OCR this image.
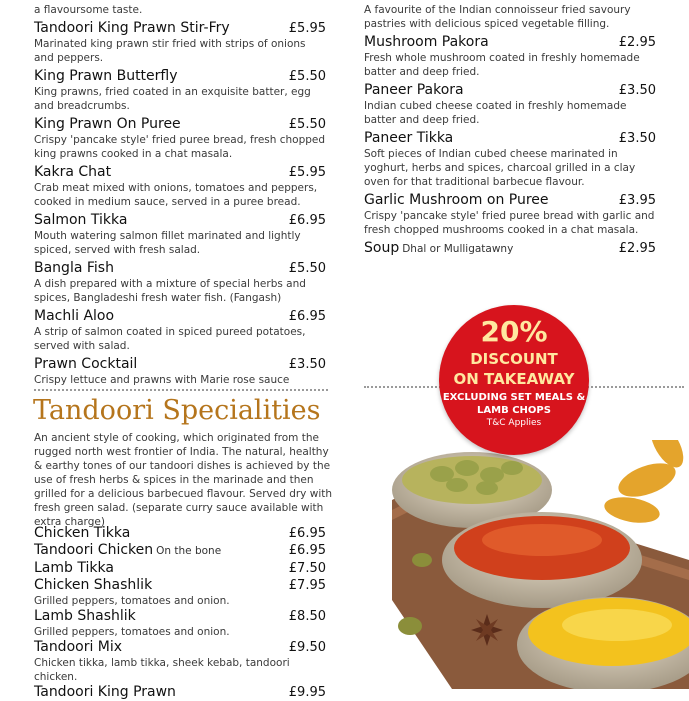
a flavoursome taste.
Tandoori King Prawn Stir-Fry	£5.95
Marinated king prawn stir fried with strips of onions and peppers.
King Prawn Butterfly	£5.50
King prawns, fried coated in an exquisite batter, egg and breadcrumbs.
King Prawn On Puree	£5.50
Crispy 'pancake style' fried puree bread, fresh chopped king prawns cooked in a chat masala.
Kakra Chat	£5.95
Crab meat mixed with onions, tomatoes and peppers, cooked in medium sauce, served in a puree bread.
Salmon Tikka	£6.95
Mouth watering salmon fillet marinated and lightly spiced, served with fresh salad.
Bangla Fish	£5.50
A dish prepared with a mixture of special herbs and spices, Bangladeshi fresh water fish. (Fangash)
Machli Aloo	£6.95
A strip of salmon coated in spiced pureed potatoes, served with salad.
Prawn Cocktail	£3.50
Crispy lettuce and prawns with Marie rose sauce
A favourite of the Indian connoisseur fried savoury pastries with delicious spiced vegetable filling.
Mushroom Pakora	£2.95
Fresh whole mushroom coated in freshly homemade batter and deep fried.
Paneer Pakora	£3.50
Indian cubed cheese coated in freshly homemade batter and deep fried.
Paneer Tikka	£3.50
Soft pieces of Indian cubed cheese marinated in yoghurt, herbs and spices, charcoal grilled in a clay oven for that traditional barbecue flavour.
Garlic Mushroom on Puree	£3.95
Crispy 'pancake style' fried puree bread with garlic and fresh chopped mushrooms cooked in a chat masala.
Soup Dhal or Mulligatawny	£2.95
Tandoori Specialities
An ancient style of cooking, which originated from the rugged north west frontier of India. The natural, healthy & earthy tones of our tandoori dishes is achieved by the use of fresh herbs & spices in the marinade and then grilled for a delicious barbecued flavour. Served dry with fresh green salad. (separate curry sauce available with extra charge)
Chicken Tikka	£6.95
Tandoori Chicken On the bone	£6.95
Lamb Tikka	£7.50
Chicken Shashlik	£7.95
Grilled peppers, tomatoes and onion.
Lamb Shashlik	£8.50
Grilled peppers, tomatoes and onion.
Tandoori Mix	£9.50
Chicken tikka, lamb tikka, sheek kebab, tandoori chicken.
Tandoori King Prawn	£9.95
20%
DISCOUNT
ON TAKEAWAY
EXCLUDING SET MEALS &
LAMB CHOPS
T&C Applies
